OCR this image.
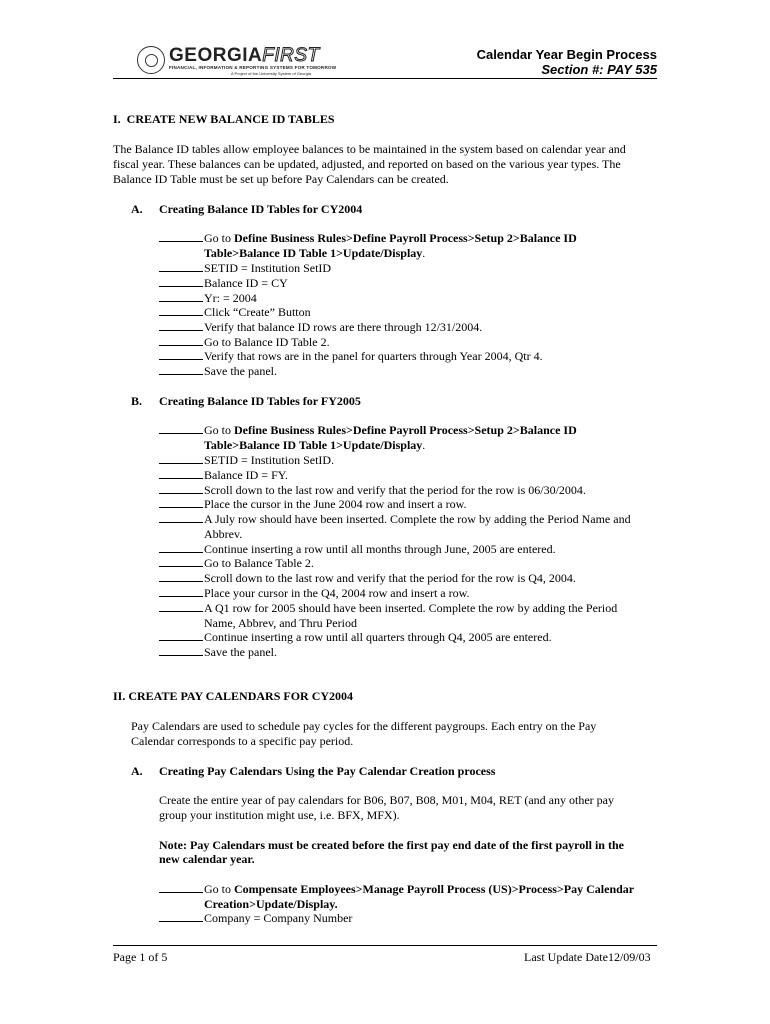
GEORGIAFIRST
FINANCIAL, INFORMATION & REPORTING SYSTEMS FOR TOMORROW
A Project of the University System of Georgia
Calendar Year Begin Process
Section #: PAY 535
I.  CREATE NEW BALANCE ID TABLES
The Balance ID tables allow employee balances to be maintained in the system based on calendar year and
fiscal year. These balances can be updated, adjusted, and reported on based on the various year types. The
Balance ID Table must be set up before Pay Calendars can be created.
A. Creating Balance ID Tables for CY2004
Go to Define Business Rules>Define Payroll Process>Setup 2>Balance ID
Table>Balance ID Table 1>Update/Display.
SETID = Institution SetID
Balance ID = CY
Yr: = 2004
Click “Create” Button
Verify that balance ID rows are there through 12/31/2004.
Go to Balance ID Table 2.
Verify that rows are in the panel for quarters through Year 2004, Qtr 4.
Save the panel.
B. Creating Balance ID Tables for FY2005
Go to Define Business Rules>Define Payroll Process>Setup 2>Balance ID
Table>Balance ID Table 1>Update/Display.
SETID = Institution SetID.
Balance ID = FY.
Scroll down to the last row and verify that the period for the row is 06/30/2004.
Place the cursor in the June 2004 row and insert a row.
A July row should have been inserted. Complete the row by adding the Period Name and
Abbrev.
Continue inserting a row until all months through June, 2005 are entered.
Go to Balance Table 2.
Scroll down to the last row and verify that the period for the row is Q4, 2004.
Place your cursor in the Q4, 2004 row and insert a row.
A Q1 row for 2005 should have been inserted. Complete the row by adding the Period
Name, Abbrev, and Thru Period
Continue inserting a row until all quarters through Q4, 2005 are entered.
Save the panel.
II. CREATE PAY CALENDARS FOR CY2004
Pay Calendars are used to schedule pay cycles for the different paygroups. Each entry on the Pay
Calendar corresponds to a specific pay period.
A. Creating Pay Calendars Using the Pay Calendar Creation process
Create the entire year of pay calendars for B06, B07, B08, M01, M04, RET (and any other pay
group your institution might use, i.e. BFX, MFX).
Note: Pay Calendars must be created before the first pay end date of the first payroll in the
new calendar year.
Go to Compensate Employees>Manage Payroll Process (US)>Process>Pay Calendar
Creation>Update/Display.
Company = Company Number
Page 1 of 5	Last Update Date12/09/03
